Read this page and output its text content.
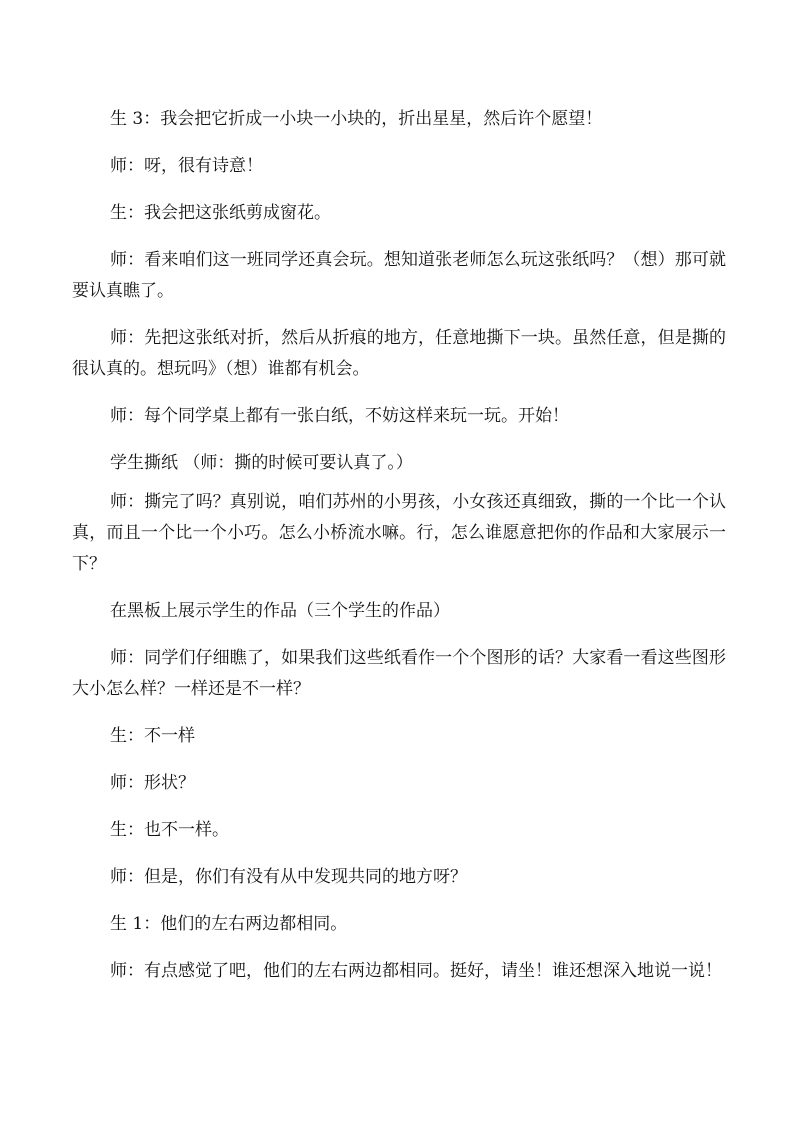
生 3：我会把它折成一小块一小块的，折出星星，然后许个愿望！

师：呀，很有诗意！

生：我会把这张纸剪成窗花。

师：看来咱们这一班同学还真会玩。想知道张老师怎么玩这张纸吗？（想）那可就要认真瞧了。

师：先把这张纸对折，然后从折痕的地方，任意地撕下一块。虽然任意，但是撕的很认真的。想玩吗》（想）谁都有机会。

师：每个同学桌上都有一张白纸，不妨这样来玩一玩。开始！

学生撕纸 （师：撕的时候可要认真了。）

师：撕完了吗？真别说，咱们苏州的小男孩，小女孩还真细致，撕的一个比一个认真，而且一个比一个小巧。怎么小桥流水嘛。行，怎么谁愿意把你的作品和大家展示一下？

在黑板上展示学生的作品（三个学生的作品）

师：同学们仔细瞧了，如果我们这些纸看作一个个图形的话？大家看一看这些图形大小怎么样？一样还是不一样？

生：不一样

师：形状？

生：也不一样。

师：但是，你们有没有从中发现共同的地方呀？

生 1：他们的左右两边都相同。

师：有点感觉了吧，他们的左右两边都相同。挺好，请坐！谁还想深入地说一说！
